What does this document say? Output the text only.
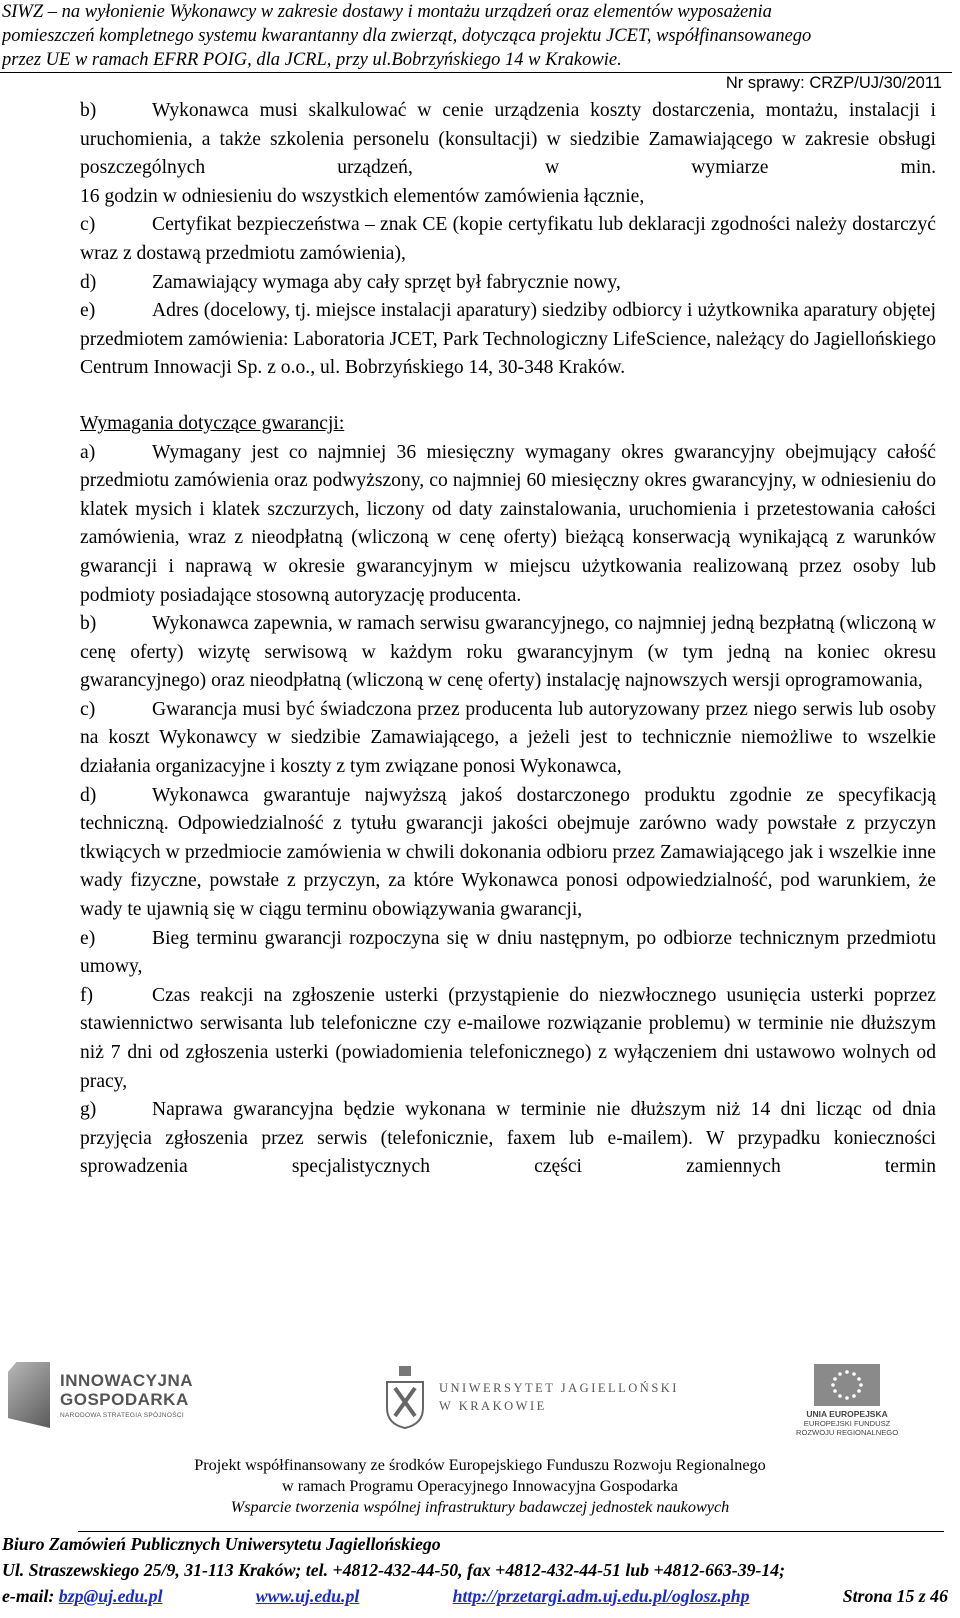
SIWZ – na wyłonienie Wykonawcy w zakresie dostawy i montażu urządzeń oraz elementów wyposażenia
pomieszczeń kompletnego systemu kwarantanny dla zwierząt, dotycząca projektu JCET, współfinansowanego
przez UE w ramach EFRR POIG, dla JCRL, przy ul.Bobrzyńskiego 14 w Krakowie.
Nr sprawy: CRZP/UJ/30/2011

b)	Wykonawca musi skalkulować w cenie urządzenia koszty dostarczenia, montażu, instalacji i uruchomienia, a także szkolenia personelu (konsultacji) w siedzibie Zamawiającego w zakresie obsługi poszczególnych urządzeń, w wymiarze min.

16 godzin w odniesieniu do wszystkich elementów zamówienia łącznie,

c)	Certyfikat bezpieczeństwa – znak CE (kopie certyfikatu lub deklaracji zgodności należy dostarczyć wraz z dostawą przedmiotu zamówienia),

d)	Zamawiający wymaga aby cały sprzęt był fabrycznie nowy,

e)	Adres (docelowy, tj. miejsce instalacji aparatury) siedziby odbiorcy i użytkownika aparatury objętej przedmiotem zamówienia: Laboratoria JCET, Park Technologiczny LifeScience, należący do Jagiellońskiego Centrum Innowacji Sp. z o.o., ul. Bobrzyńskiego 14, 30-348 Kraków.

Wymagania dotyczące gwarancji:

a)	Wymagany jest co najmniej 36 miesięczny wymagany okres gwarancyjny obejmujący całość przedmiotu zamówienia oraz podwyższony, co najmniej 60 miesięczny okres gwarancyjny, w odniesieniu do klatek mysich i klatek szczurzych, liczony od daty zainstalowania, uruchomienia i przetestowania całości zamówienia, wraz z nieodpłatną (wliczoną w cenę oferty) bieżącą konserwacją wynikającą z warunków gwarancji i naprawą w okresie gwarancyjnym w miejscu użytkowania realizowaną przez osoby lub podmioty posiadające stosowną autoryzację producenta.

b)	Wykonawca zapewnia, w ramach serwisu gwarancyjnego, co najmniej jedną bezpłatną (wliczoną w cenę oferty) wizytę serwisową w każdym roku gwarancyjnym (w tym jedną na koniec okresu gwarancyjnego) oraz nieodpłatną (wliczoną w cenę oferty) instalację najnowszych wersji oprogramowania,

c)	Gwarancja musi być świadczona przez producenta lub autoryzowany przez niego serwis lub osoby na koszt Wykonawcy w siedzibie Zamawiającego, a jeżeli jest to technicznie niemożliwe to wszelkie działania organizacyjne i koszty z tym związane ponosi Wykonawca,

d)	Wykonawca gwarantuje najwyższą jakoś dostarczonego produktu zgodnie ze specyfikacją techniczną. Odpowiedzialność z tytułu gwarancji jakości obejmuje zarówno wady powstałe z przyczyn tkwiących w przedmiocie zamówienia w chwili dokonania odbioru przez Zamawiającego jak i wszelkie inne wady fizyczne, powstałe z przyczyn, za które Wykonawca ponosi odpowiedzialność, pod warunkiem, że wady te ujawnią się w ciągu terminu obowiązywania gwarancji,

e)	Bieg terminu gwarancji rozpoczyna się w dniu następnym, po odbiorze technicznym przedmiotu umowy,

f)	Czas reakcji na zgłoszenie usterki (przystąpienie do niezwłocznego usunięcia usterki poprzez stawiennictwo serwisanta lub telefoniczne czy e-mailowe rozwiązanie problemu) w terminie nie dłuższym niż 7 dni od zgłoszenia usterki (powiadomienia telefonicznego) z wyłączeniem dni ustawowo wolnych od pracy,

g)	Naprawa gwarancyjna będzie wykonana w terminie nie dłuższym niż 14 dni licząc od dnia przyjęcia zgłoszenia przez serwis (telefonicznie, faxem lub e-mailem). W przypadku konieczności sprowadzenia specjalistycznych części zamiennych termin

INNOWACYJNA
GOSPODARKA
NARODOWA STRATEGIA SPÓJNOŚCI
UNIWERSYTET JAGIELLOŃSKI
W KRAKOWIE
UNIA EUROPEJSKA
EUROPEJSKI FUNDUSZ
ROZWOJU REGIONALNEGO
Projekt współfinansowany ze środków Europejskiego Funduszu Rozwoju Regionalnego
w ramach Programu Operacyjnego Innowacyjna Gospodarka
Wsparcie tworzenia wspólnej infrastruktury badawczej jednostek naukowych
Biuro Zamówień Publicznych Uniwersytetu Jagiellońskiego
Ul. Straszewskiego 25/9, 31-113 Kraków; tel. +4812-432-44-50, fax +4812-432-44-51 lub +4812-663-39-14;
e-mail: bzp@uj.edu.pl	www.uj.edu.pl	http://przetargi.adm.uj.edu.pl/oglosz.php	Strona 15 z 46
